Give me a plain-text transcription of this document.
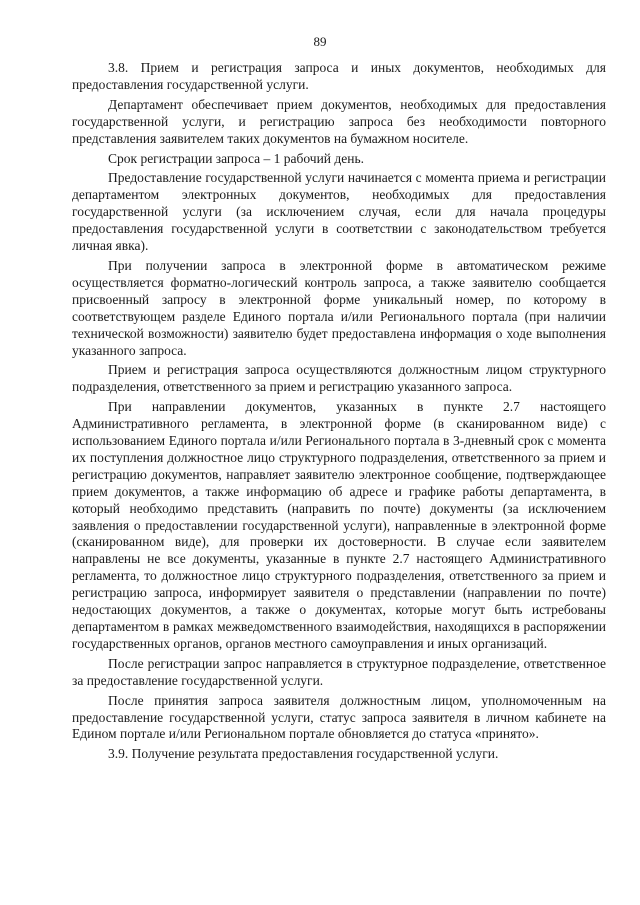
89

3.8. Прием и регистрация запроса и иных документов, необходимых для предоставления государственной услуги.

Департамент обеспечивает прием документов, необходимых для предоставления государственной услуги, и регистрацию запроса без необходимости повторного представления заявителем таких документов на бумажном носителе.

Срок регистрации запроса – 1 рабочий день.

Предоставление государственной услуги начинается с момента приема и регистрации департаментом электронных документов, необходимых для предоставления государственной услуги (за исключением случая, если для начала процедуры предоставления государственной услуги в соответствии с законодательством требуется личная явка).

При получении запроса в электронной форме в автоматическом режиме осуществляется форматно-логический контроль запроса, а также заявителю сообщается присвоенный запросу в электронной форме уникальный номер, по которому в соответствующем разделе Единого портала и/или Регионального портала (при наличии технической возможности) заявителю будет предоставлена информация о ходе выполнения указанного запроса.

Прием и регистрация запроса осуществляются должностным лицом структурного подразделения, ответственного за прием и регистрацию указанного запроса.

При направлении документов, указанных в пункте 2.7 настоящего Административного регламента, в электронной форме (в сканированном виде) с использованием Единого портала и/или Регионального портала в 3-дневный срок с момента их поступления должностное лицо структурного подразделения, ответственного за прием и регистрацию документов, направляет заявителю электронное сообщение, подтверждающее прием документов, а также информацию об адресе и графике работы департамента, в который необходимо представить (направить по почте) документы (за исключением заявления о предоставлении государственной услуги), направленные в электронной форме (сканированном виде), для проверки их достоверности. В случае если заявителем направлены не все документы, указанные в пункте 2.7 настоящего Административного регламента, то должностное лицо структурного подразделения, ответственного за прием и регистрацию запроса, информирует заявителя о представлении (направлении по почте) недостающих документов, а также о документах, которые могут быть истребованы департаментом в рамках межведомственного взаимодействия, находящихся в распоряжении государственных органов, органов местного самоуправления и иных организаций.

После регистрации запрос направляется в структурное подразделение, ответственное за предоставление государственной услуги.

После принятия запроса заявителя должностным лицом, уполномоченным на предоставление государственной услуги, статус запроса заявителя в личном кабинете на Едином портале и/или Региональном портале обновляется до статуса «принято».

3.9. Получение результата предоставления государственной услуги.
